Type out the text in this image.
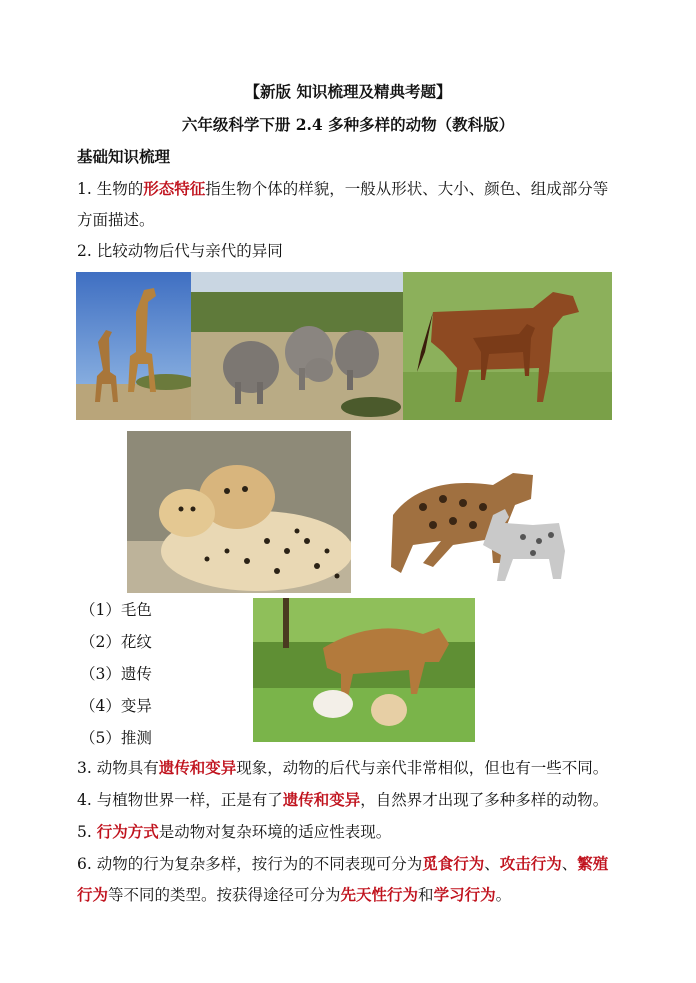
【新版 知识梳理及精典考题】
六年级科学下册 2.4 多种多样的动物（教科版）
基础知识梳理
1. 生物的形态特征指生物个体的样貌，一般从形状、大小、颜色、组成部分等
方面描述。
2. 比较动物后代与亲代的异同
（1）毛色
（2）花纹
（3）遗传
（4）变异
（5）推测
3. 动物具有遗传和变异现象，动物的后代与亲代非常相似，但也有一些不同。
4. 与植物世界一样，正是有了遗传和变异，自然界才出现了多种多样的动物。
5. 行为方式是动物对复杂环境的适应性表现。
6. 动物的行为复杂多样，按行为的不同表现可分为觅食行为、攻击行为、繁殖
行为等不同的类型。按获得途径可分为先天性行为和学习行为。
